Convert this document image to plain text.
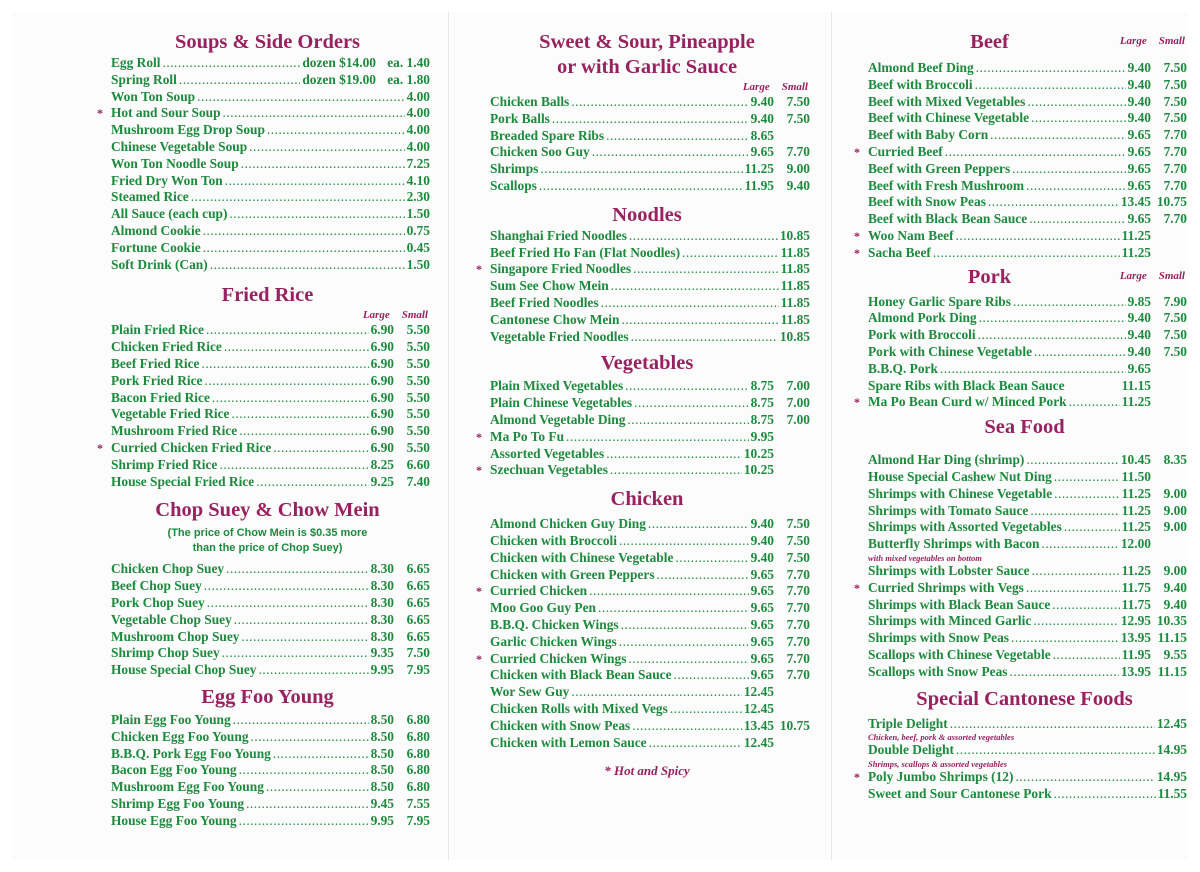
Soups & Side Orders
Egg Roll .....	dozen $14.00 ea. 1.40
Spring Roll .....	dozen $19.00 ea. 1.80
Won Ton Soup .....	4.00
* Hot and Sour Soup .....	4.00
Mushroom Egg Drop Soup .....	4.00
Chinese Vegetable Soup .....	4.00
Won Ton Noodle Soup .....	7.25
Fried Dry Won Ton .....	4.10
Steamed Rice .....	2.30
All Sauce (each cup) .....	1.50
Almond Cookie .....	0.75
Fortune Cookie .....	0.45
Soft Drink (Can) .....	1.50
Fried Rice
Large Small
Plain Fried Rice .....	6.90 5.50
Chicken Fried Rice .....	6.90 5.50
Beef Fried Rice .....	6.90 5.50
Pork Fried Rice .....	6.90 5.50
Bacon Fried Rice .....	6.90 5.50
Vegetable Fried Rice .....	6.90 5.50
Mushroom Fried Rice .....	6.90 5.50
* Curried Chicken Fried Rice .....	6.90 5.50
Shrimp Fried Rice .....	8.25 6.60
House Special Fried Rice .....	9.25 7.40
Chop Suey & Chow Mein
(The price of Chow Mein is $0.35 more
than the price of Chop Suey)
Chicken Chop Suey .....	8.30 6.65
Beef Chop Suey .....	8.30 6.65
Pork Chop Suey .....	8.30 6.65
Vegetable Chop Suey .....	8.30 6.65
Mushroom Chop Suey .....	8.30 6.65
Shrimp Chop Suey .....	9.35 7.50
House Special Chop Suey .....	9.95 7.95
Egg Foo Young
Plain Egg Foo Young .....	8.50 6.80
Chicken Egg Foo Young .....	8.50 6.80
B.B.Q. Pork Egg Foo Young .....	8.50 6.80
Bacon Egg Foo Young .....	8.50 6.80
Mushroom Egg Foo Young .....	8.50 6.80
Shrimp Egg Foo Young .....	9.45 7.55
House Egg Foo Young .....	9.95 7.95
Sweet & Sour, Pineapple
or with Garlic Sauce
Large Small
Chicken Balls .....	9.40 7.50
Pork Balls .....	9.40 7.50
Breaded Spare Ribs .....	8.65
Chicken Soo Guy .....	9.65 7.70
Shrimps .....	11.25 9.00
Scallops .....	11.95 9.40
Noodles
Shanghai Fried Noodles .....	10.85
Beef Fried Ho Fan (Flat Noodles) .....	11.85
* Singapore Fried Noodles .....	11.85
Sum See Chow Mein .....	11.85
Beef Fried Noodles .....	11.85
Cantonese Chow Mein .....	11.85
Vegetable Fried Noodles .....	10.85
Vegetables
Plain Mixed Vegetables .....	8.75 7.00
Plain Chinese Vegetables .....	8.75 7.00
Almond Vegetable Ding .....	8.75 7.00
* Ma Po To Fu .....	9.95
Assorted Vegetables .....	10.25
* Szechuan Vegetables .....	10.25
Chicken
Almond Chicken Guy Ding .....	9.40 7.50
Chicken with Broccoli .....	9.40 7.50
Chicken with Chinese Vegetable .....	9.40 7.50
Chicken with Green Peppers .....	9.65 7.70
* Curried Chicken .....	9.65 7.70
Moo Goo Guy Pen .....	9.65 7.70
B.B.Q. Chicken Wings .....	9.65 7.70
Garlic Chicken Wings .....	9.65 7.70
* Curried Chicken Wings .....	9.65 7.70
Chicken with Black Bean Sauce .....	9.65 7.70
Wor Sew Guy .....	12.45
Chicken Rolls with Mixed Vegs .....	12.45
Chicken with Snow Peas .....	13.45 10.75
Chicken with Lemon Sauce .....	12.45
* Hot and Spicy
Beef	Large Small
Almond Beef Ding .....	9.40 7.50
Beef with Broccoli .....	9.40 7.50
Beef with Mixed Vegetables .....	9.40 7.50
Beef with Chinese Vegetable .....	9.40 7.50
Beef with Baby Corn .....	9.65 7.70
* Curried Beef .....	9.65 7.70
Beef with Green Peppers .....	9.65 7.70
Beef with Fresh Mushroom .....	9.65 7.70
Beef with Snow Peas .....	13.45 10.75
Beef with Black Bean Sauce .....	9.65 7.70
* Woo Nam Beef .....	11.25
* Sacha Beef .....	11.25
Pork	Large Small
Honey Garlic Spare Ribs .....	9.85 7.90
Almond Pork Ding .....	9.40 7.50
Pork with Broccoli .....	9.40 7.50
Pork with Chinese Vegetable .....	9.40 7.50
B.B.Q. Pork .....	9.65
Spare Ribs with Black Bean Sauce	11.15
* Ma Po Bean Curd w/ Minced Pork .....	11.25
Sea Food
Almond Har Ding (shrimp) .....	10.45 8.35
House Special Cashew Nut Ding .....	11.50
Shrimps with Chinese Vegetable .....	11.25 9.00
Shrimps with Tomato Sauce .....	11.25 9.00
Shrimps with Assorted Vegetables .....	11.25 9.00
Butterfly Shrimps with Bacon .....	12.00
with mixed vegetables on bottom
Shrimps with Lobster Sauce .....	11.25 9.00
* Curried Shrimps with Vegs .....	11.75 9.40
Shrimps with Black Bean Sauce .....	11.75 9.40
Shrimps with Minced Garlic .....	12.95 10.35
Shrimps with Snow Peas .....	13.95 11.15
Scallops with Chinese Vegetable .....	11.95 9.55
Scallops with Snow Peas .....	13.95 11.15
Special Cantonese Foods
Triple Delight .....	12.45
Chicken, beef, pork & assorted vegetables
Double Delight .....	14.95
Shrimps, scallops & assorted vegetables
* Poly Jumbo Shrimps (12) .....	14.95
Sweet and Sour Cantonese Pork .....	11.55
